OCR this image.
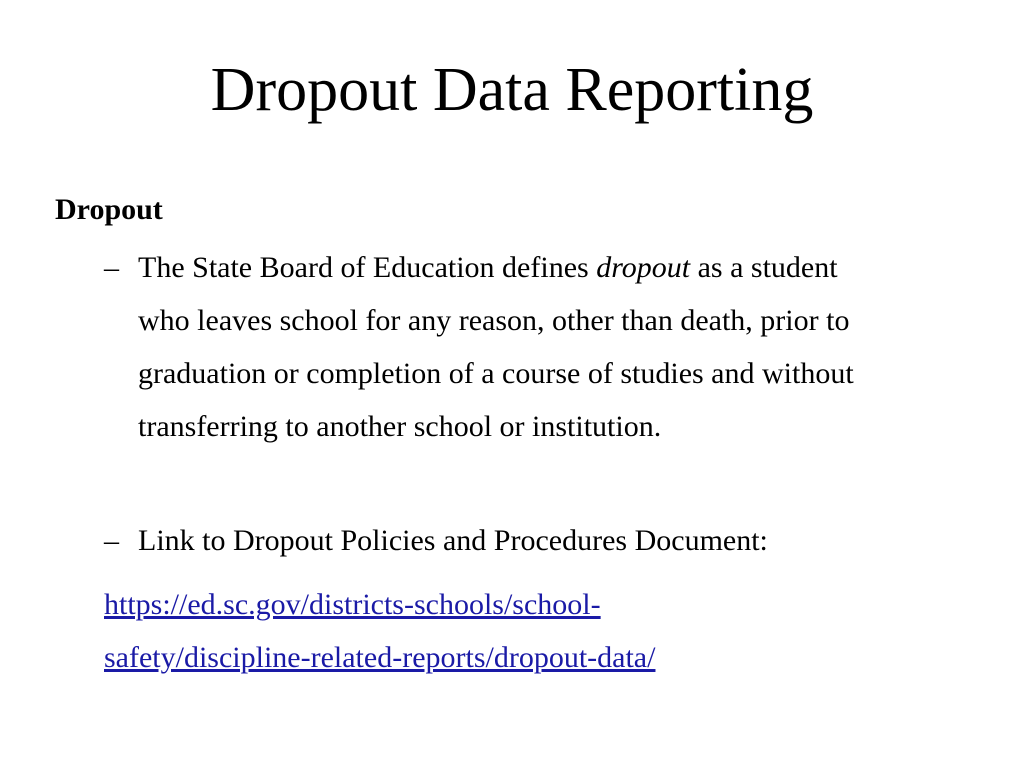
Dropout Data Reporting
Dropout
– The State Board of Education defines dropout as a student who leaves school for any reason, other than death, prior to graduation or completion of a course of studies and without transferring to another school or institution.
– Link to Dropout Policies and Procedures Document:
https://ed.sc.gov/districts-schools/school-
safety/discipline-related-reports/dropout-data/
